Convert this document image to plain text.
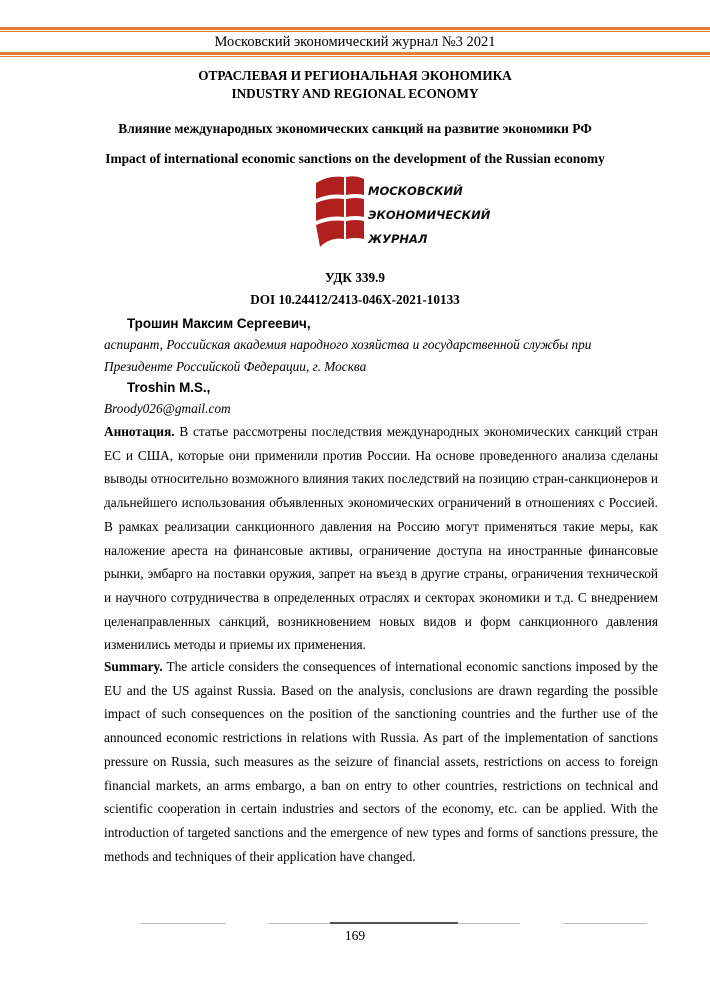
Московский экономический журнал №3 2021
ОТРАСЛЕВАЯ И РЕГИОНАЛЬНАЯ ЭКОНОМИКА
INDUSTRY AND REGIONAL ECONOMY
Влияние международных экономических санкций на развитие экономики РФ
Impact of international economic sanctions on the development of the Russian economy
МОСКОВСКИЙ
ЭКОНОМИЧЕСКИЙ
ЖУРНАЛ
УДК 339.9
DOI 10.24412/2413-046Х-2021-10133
Трошин Максим Сергеевич,
аспирант, Российская академия народного хозяйства и государственной службы при Президенте Российской Федерации, г. Москва
Troshin M.S.,
Broody026@gmail.com
Аннотация. В статье рассмотрены последствия международных экономических санкций стран ЕС и США, которые они применили против России. На основе проведенного анализа сделаны выводы относительно возможного влияния таких последствий на позицию стран-санкционеров и дальнейшего использования объявленных экономических ограничений в отношениях с Россией. В рамках реализации санкционного давления на Россию могут применяться такие меры, как наложение ареста на финансовые активы, ограничение доступа на иностранные финансовые рынки, эмбарго на поставки оружия, запрет на въезд в другие страны, ограничения технической и научного сотрудничества в определенных отраслях и секторах экономики и т.д. С внедрением целенаправленных санкций, возникновением новых видов и форм санкционного давления изменились методы и приемы их применения.
Summary. The article considers the consequences of international economic sanctions imposed by the EU and the US against Russia. Based on the analysis, conclusions are drawn regarding the possible impact of such consequences on the position of the sanctioning countries and the further use of the announced economic restrictions in relations with Russia. As part of the implementation of sanctions pressure on Russia, such measures as the seizure of financial assets, restrictions on access to foreign financial markets, an arms embargo, a ban on entry to other countries, restrictions on technical and scientific cooperation in certain industries and sectors of the economy, etc. can be applied. With the introduction of targeted sanctions and the emergence of new types and forms of sanctions pressure, the methods and techniques of their application have changed.
169
